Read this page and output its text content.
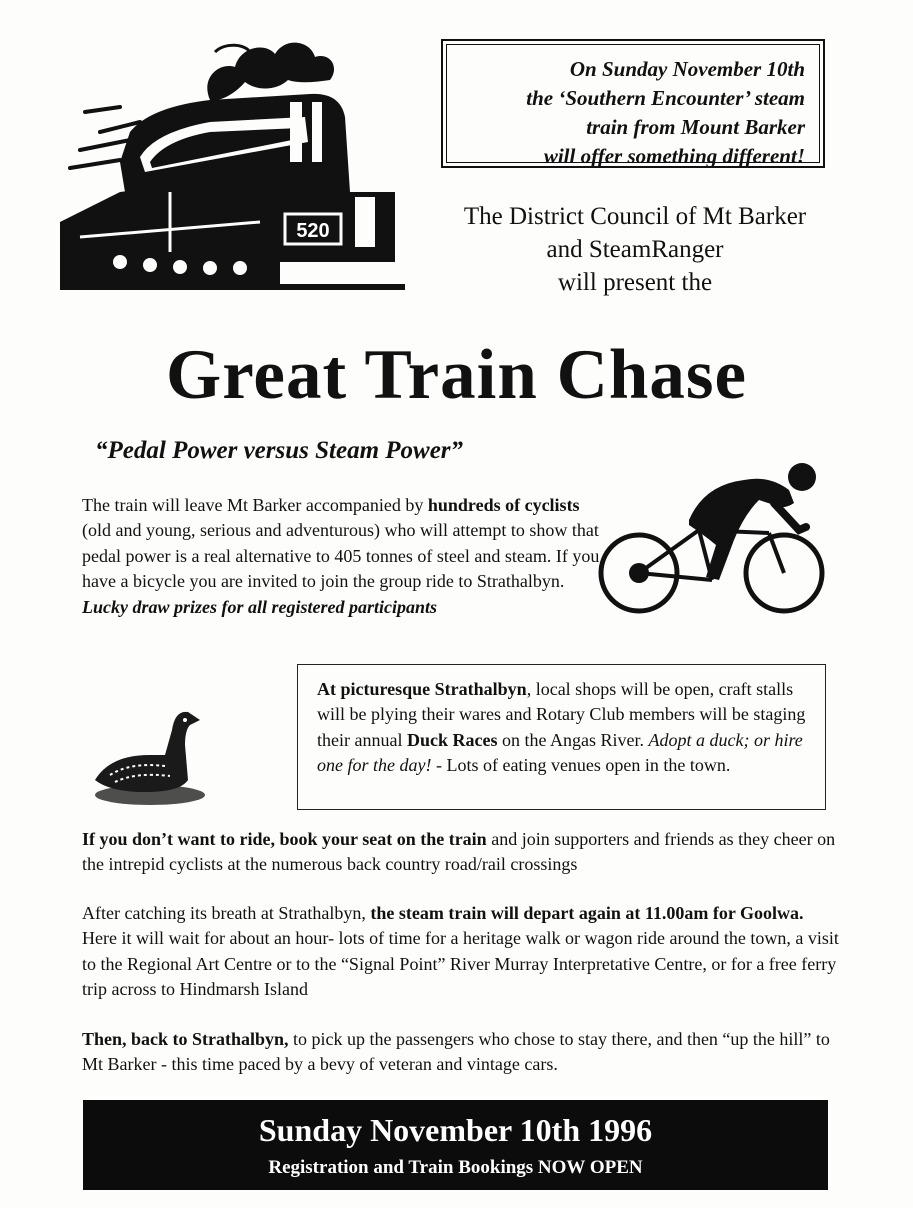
520
On Sunday November 10th
the ‘Southern Encounter’ steam
train from Mount Barker
will offer something different!
The District Council of Mt Barker
and SteamRanger
will present the
Great Train Chase
“Pedal Power versus Steam Power”
The train will leave Mt Barker accompanied by hundreds of cyclists (old and young, serious and adventurous) who will attempt to show that pedal power is a real alternative to 405 tonnes of steel and steam. If you have a bicycle you are invited to join the group ride to Strathalbyn.
Lucky draw prizes for all registered participants
At picturesque Strathalbyn, local shops will be open, craft stalls will be plying their wares and Rotary Club members will be staging their annual Duck Races on the Angas River. Adopt a duck; or hire one for the day! - Lots of eating venues open in the town.
If you don’t want to ride, book your seat on the train and join supporters and friends as they cheer on the intrepid cyclists at the numerous back country road/rail crossings
After catching its breath at Strathalbyn, the steam train will depart again at 11.00am for Goolwa. Here it will wait for about an hour- lots of time for a heritage walk or wagon ride around the town, a visit to the Regional Art Centre or to the “Signal Point” River Murray Interpretative Centre, or for a free ferry trip across to Hindmarsh Island
Then, back to Strathalbyn, to pick up the passengers who chose to stay there, and then “up the hill” to Mt Barker - this time paced by a bevy of veteran and vintage cars.
Sunday November 10th 1996
Registration and Train Bookings NOW OPEN
